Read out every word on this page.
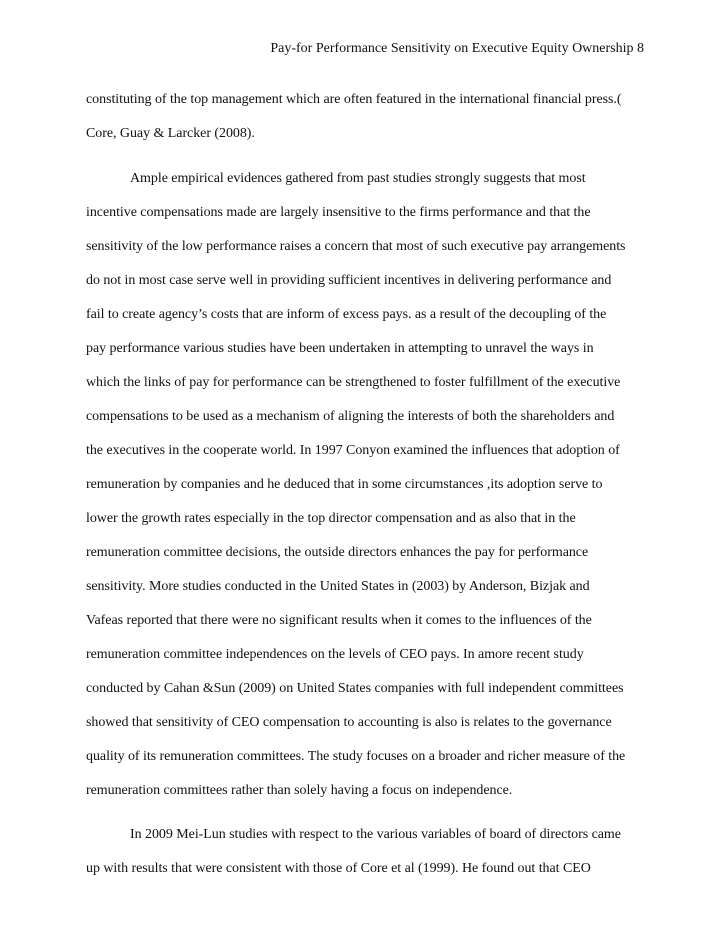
Pay-for Performance Sensitivity on Executive Equity Ownership 8
constituting of the top management which are often featured in the international financial press.(
Core, Guay & Larcker (2008).
Ample empirical evidences gathered from past studies strongly suggests that most
incentive compensations made are largely insensitive to the firms performance and that the
sensitivity of the low performance raises a concern that most of such executive pay arrangements
do not in most case serve well in providing sufficient incentives in delivering performance and
fail to create agency’s costs that are inform of excess pays. as a result of the decoupling of the
pay performance various studies have been undertaken in attempting to unravel the ways in
which the links of pay for performance can be strengthened to foster fulfillment of the executive
compensations to be used as a mechanism of aligning the interests of both the shareholders and
the executives in the cooperate world. In 1997 Conyon examined the influences that adoption of
remuneration by companies and he deduced that in some circumstances ,its adoption serve to
lower the growth rates especially in the top director compensation and as also that in the
remuneration committee decisions, the outside directors enhances the pay for performance
sensitivity. More studies conducted in the United States in (2003) by Anderson, Bizjak and
Vafeas reported that there were no significant results when it comes to the influences of the
remuneration committee independences on the levels of CEO pays. In amore recent study
conducted by Cahan &Sun (2009) on United States companies with full independent committees
showed that sensitivity of CEO compensation to accounting is also is relates to the governance
quality of its remuneration committees. The study focuses on a broader and richer measure of the
remuneration committees rather than solely having a focus on independence.
In 2009 Mei-Lun studies with respect to the various variables of board of directors came
up with results that were consistent with those of Core et al (1999). He found out that CEO
